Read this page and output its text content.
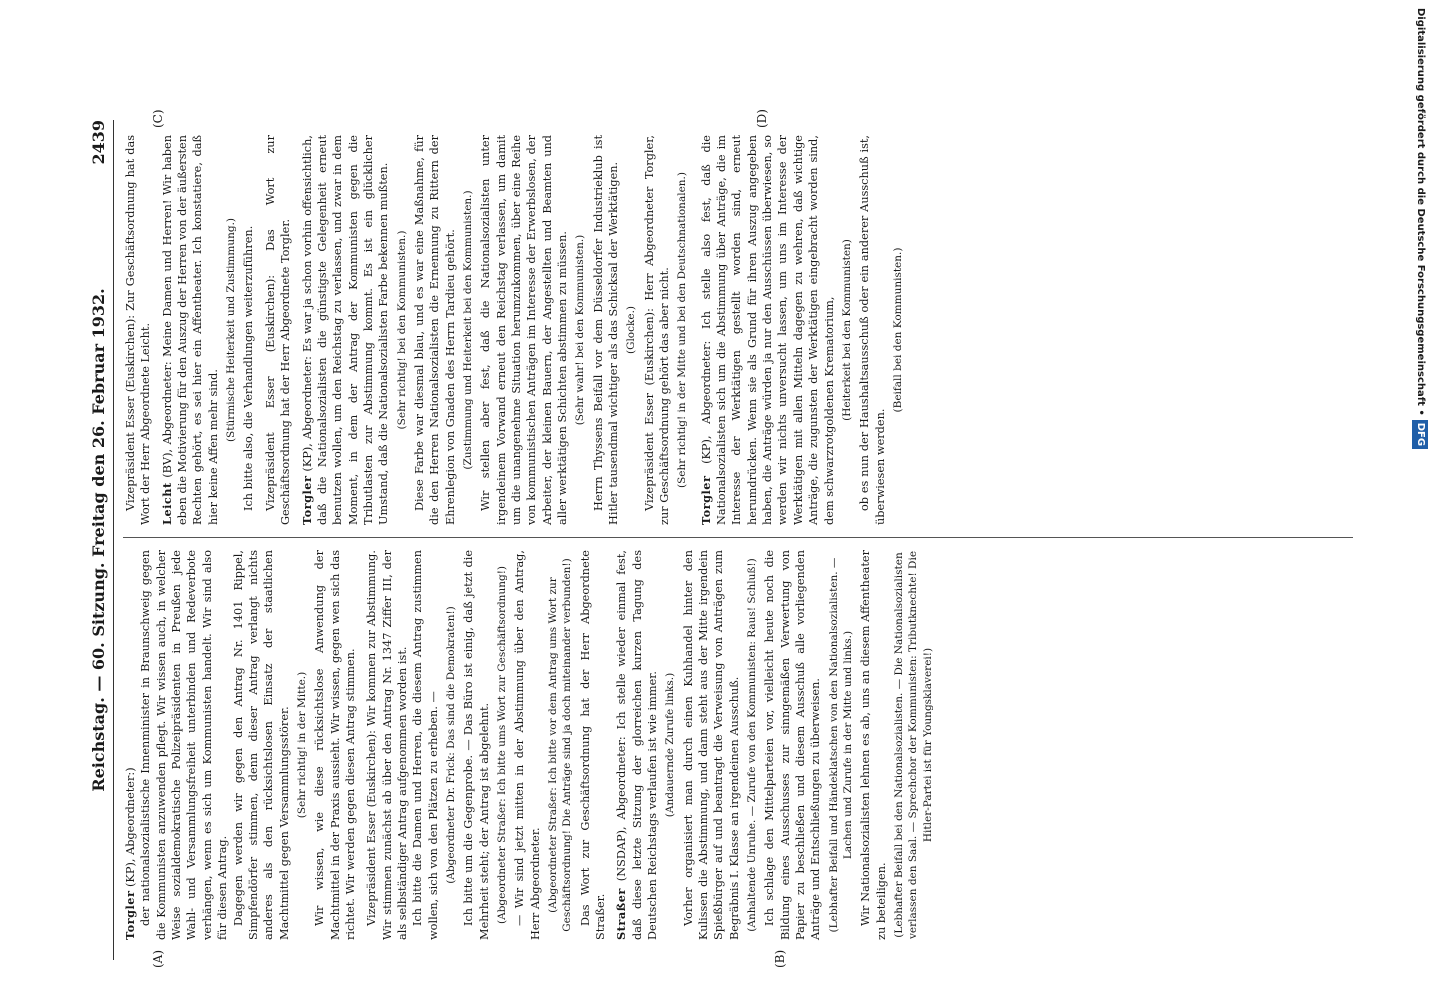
Reichstag. — 60. Sitzung. Freitag den 26. Februar 1932.
2439
(A)	(B)
(C)	(D)

Torgler (KP), Abgeordneter:) der nationalsozialistische Innenminister in Braunschweig gegen die Kommunisten anzuwenden pflegt. Wir wissen auch, in welcher Weise sozialdemokratische Polizeipräsidenten in Preußen jede Wahl- und Versammlungsfreiheit unterbinden und Redeverbote verhängen, wenn es sich um Kommunisten handelt. Wir sind also für diesen Antrag. Dagegen werden wir gegen den Antrag Nr. 1401 Rippel, Simpfendörfer stimmen, denn dieser Antrag verlangt nichts anderes als den rücksichtslosen Einsatz der staatlichen Machtmittel gegen Versammlungsstörer. (Sehr richtig! in der Mitte.) Wir wissen, wie diese rücksichtslose Anwendung der Machtmittel in der Praxis aussieht. Wir wissen, gegen wen sich das richtet. Wir werden gegen diesen Antrag stimmen. Vizepräsident Esser (Euskirchen): Wir kommen zur Abstimmung. Wir stimmen zunächst ab über den Antrag Nr. 1347 Ziffer III, der als selbständiger Antrag aufgenommen worden ist. Ich bitte die Damen und Herren, die diesem Antrag zustimmen wollen, sich von den Plätzen zu erheben. — (Abgeordneter Dr. Frick: Das sind die Demokraten!) Ich bitte um die Gegenprobe. — Das Büro ist einig, daß jetzt die Mehrheit steht; der Antrag ist abgelehnt. (Abgeordneter Straßer: Ich bitte ums Wort zur Geschäftsordnung!) — Wir sind jetzt mitten in der Abstimmung über den Antrag, Herr Abgeordneter. (Abgeordneter Straßer: Ich bitte vor dem Antrag ums Wort zur Geschäftsordnung! Die Anträge sind ja doch miteinander verbunden!) Das Wort zur Geschäftsordnung hat der Herr Abgeordnete Straßer. Straßer (NSDAP), Abgeordneter: Ich stelle wieder einmal fest, daß diese letzte Sitzung der glorreichen kurzen Tagung des Deutschen Reichstags verlaufen ist wie immer. (Andauernde Zurufe links.) Vorher organisiert man durch einen Kuhhandel hinter den Kulissen die Abstimmung, und dann steht aus der Mitte irgendein Spießbürger auf und beantragt die Verweisung von Anträgen zum Begräbnis I. Klasse an irgendeinen Ausschuß. (Anhaltende Unruhe. — Zurufe von den Kommunisten: Raus! Schluß!) Ich schlage den Mittelparteien vor, vielleicht heute noch die Bildung eines Ausschusses zur sinngemäßen Verwertung von Papier zu beschließen und diesem Ausschuß alle vorliegenden Anträge und Entschließungen zu überweisen. (Lebhafter Beifall und Händeklatschen von den Nationalsozialisten. — Lachen und Zurufe in der Mitte und links.) Wir Nationalsozialisten lehnen es ab, uns an diesem Affentheater zu beteiligen. (Lebhafter Beifall bei den Nationalsozialisten. — Die Nationalsozialisten verlassen den Saal. — Sprechchor der Kommunisten: Tributknechte! Die Hitler-Partei ist für Youngsklaverei!)

Vizepräsident Esser (Euskirchen): Zur Geschäftsordnung hat das Wort der Herr Abgeordnete Leicht. Leicht (BV), Abgeordneter: Meine Damen und Herren! Wir haben eben die Motivierung für den Auszug der Herren von der äußersten Rechten gehört, es sei hier ein Affentheater. Ich konstatiere, daß hier keine Affen mehr sind.

(Stürmische Heiterkeit und Zustimmung.) Ich bitte also, die Verhandlungen weiterzuführen. Vizepräsident Esser (Euskirchen): Das Wort zur Geschäftsordnung hat der Herr Abgeordnete Torgler. Torgler (KP), Abgeordneter: Es war ja schon vorhin offensichtlich, daß die Nationalsozialisten die günstigste Gelegenheit erneut benutzen wollen, um den Reichstag zu verlassen, und zwar in dem Moment, in dem der Antrag der Kommunisten gegen die Tributlasten zur Abstimmung kommt. Es ist ein glücklicher Umstand, daß die Nationalsozialisten Farbe bekennen mußten. (Sehr richtig! bei den Kommunisten.) Diese Farbe war diesmal blau, und es war eine Maßnahme, für die den Herren Nationalsozialisten die Ernennung zu Rittern der Ehrenlegion von Gnaden des Herrn Tardieu gehört. (Zustimmung und Heiterkeit bei den Kommunisten.) Wir stellen aber fest, daß die Nationalsozialisten unter irgendeinem Vorwand erneut den Reichstag verlassen, um damit um die unangenehme Situation herumzukommen, über eine Reihe von kommunistischen Anträgen im Interesse der Erwerbslosen, der Arbeiter, der kleinen Bauern, der Angestellten und Beamten und aller werktätigen Schichten abstimmen zu müssen. (Sehr wahr! bei den Kommunisten.) Herrn Thyssens Beifall vor dem Düsseldorfer Industrieklub ist Hitler tausendmal wichtiger als das Schicksal der Werktätigen. (Glocke.) Vizepräsident Esser (Euskirchen): Herr Abgeordneter Torgler, zur Geschäftsordnung gehört das aber nicht. (Sehr richtig! in der Mitte und bei den Deutschnationalen.)

Torgler (KP), Abgeordneter: Ich stelle also fest, daß die Nationalsozialisten sich um die Abstimmung über Anträge, die im Interesse der Werktätigen gestellt worden sind, erneut herumdrücken. Wenn sie als Grund für ihren Auszug angegeben haben, die Anträge würden ja nur den Ausschüssen überwiesen, so werden wir nichts unversucht lassen, um uns im Interesse der Werktätigen mit allen Mitteln dagegen zu wehren, daß wichtige Anträge, die zugunsten der Werktätigen eingebracht worden sind, dem schwarzrotgoldenen Krematorium, (Heiterkeit bei den Kommunisten) ob es nun der Haushaltsausschuß oder ein anderer Ausschuß ist, überwiesen werden.

(Beifall bei den Kommunisten.)	Digitalisierung gefördert durch die Deutsche Forschungsgemeinschaft •DFG
